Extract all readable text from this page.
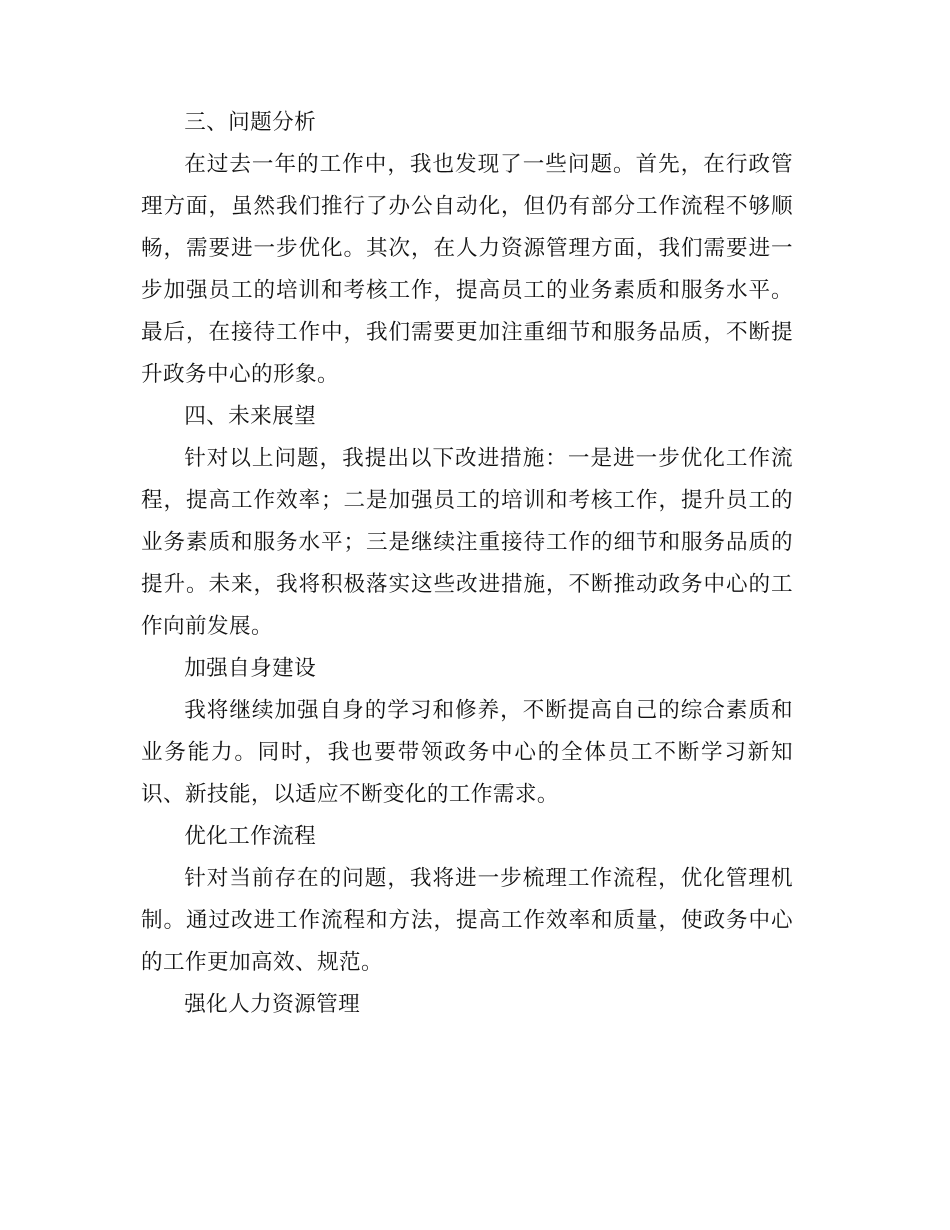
三、问题分析

在过去一年的工作中，我也发现了一些问题。首先，在行政管理方面，虽然我们推行了办公自动化，但仍有部分工作流程不够顺畅，需要进一步优化。其次，在人力资源管理方面，我们需要进一步加强员工的培训和考核工作，提高员工的业务素质和服务水平。最后，在接待工作中，我们需要更加注重细节和服务品质，不断提升政务中心的形象。

四、未来展望

针对以上问题，我提出以下改进措施：一是进一步优化工作流程，提高工作效率；二是加强员工的培训和考核工作，提升员工的业务素质和服务水平；三是继续注重接待工作的细节和服务品质的提升。未来，我将积极落实这些改进措施，不断推动政务中心的工作向前发展。

加强自身建设

我将继续加强自身的学习和修养，不断提高自己的综合素质和业务能力。同时，我也要带领政务中心的全体员工不断学习新知识、新技能，以适应不断变化的工作需求。

优化工作流程

针对当前存在的问题，我将进一步梳理工作流程，优化管理机制。通过改进工作流程和方法，提高工作效率和质量，使政务中心的工作更加高效、规范。

强化人力资源管理
